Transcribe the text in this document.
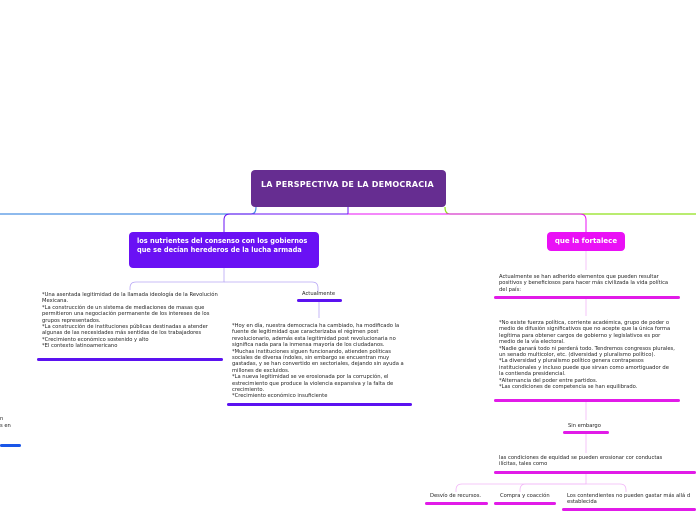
LA PERSPECTIVA DE LA DEMOCRACIA
los nutrientes del consenso con los gobiernos que se decían herederos de la lucha armada
*Una asentada legitimidad de la llamada ideología de la Revolución Mexicana.
*La construcción de un sistema de mediaciones de masas que permitieron una negociación permanente de los intereses de los grupos representados.
*La construcción de instituciones públicas destinadas a atender algunas de las necesidades más sentidas de los trabajadores
*Crecimiento económico sostenido y alto
*El contexto latinoamericano
Actualmente
*Hoy en día, nuestra democracia ha cambiado, ha modificado la fuente de legitimidad que caracterizaba el régimen post revolucionario, además esta legitimidad post revolucionaria no significa nada para la inmensa mayoría de los ciudadanos.
*Muchas instituciones siguen funcionando, atienden políticas sociales de diversa índoles, sin embargo se encuentran muy gastadas, y se han convertido en sectoriales, dejando sin ayuda a millones de excluidos.
*La nueva legitimidad se ve erosionada por la corrupción, el estrecimiento que produce la violencia expansiva y la falta de crecimiento.
*Crecimiento económico insuficiente
n
s en
que la fortalece
Actualmente se han adherido elementos que pueden resultar positivos y beneficiosos para hacer más civilizada la vida política del país:
*No existe fuerza política, corriente académica, grupo de poder o medio de difusión significativos que no acepte que la única forma legítima para obtener cargos de gobierno y legislativos es por medio de la vía electoral.
*Nadie ganará todo ni perderá todo. Tendremos congresos plurales, un senado multicolor, etc. (diversidad y pluralismo político).
*La diversidad y pluralismo político genera contrapesos institucionales y incluso puede que sirvan como amortiguador de la contienda presidencial.
*Alternancia del poder entre partidos.
*Las condiciones de competencia se han equilibrado.
Sin embargo
las condiciones de equidad se pueden erosionar cor conductas ilícitas, tales como
Desvío de recursos.	Compra y coacción	Los contendientes no pueden gastar más allá d establecida
